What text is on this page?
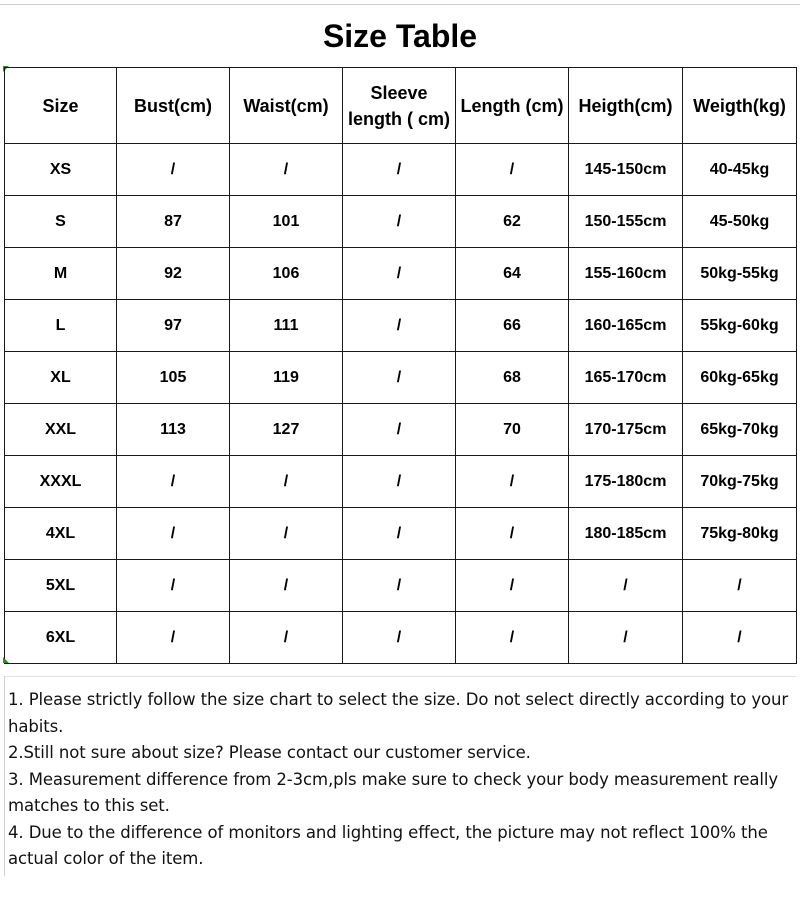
Size Table
Size	Bust(cm)	Waist(cm)	Sleeve length ( cm)	Length (cm)	Heigth(cm)	Weigth(kg)
XS	/	/	/	/	145-150cm	40-45kg
S	87	101	/	62	150-155cm	45-50kg
M	92	106	/	64	155-160cm	50kg-55kg
L	97	111	/	66	160-165cm	55kg-60kg
XL	105	119	/	68	165-170cm	60kg-65kg
XXL	113	127	/	70	170-175cm	65kg-70kg
XXXL	/	/	/	/	175-180cm	70kg-75kg
4XL	/	/	/	/	180-185cm	75kg-80kg
5XL	/	/	/	/	/	/
6XL	/	/	/	/	/	/

1. Please strictly follow the size chart to select the size. Do not select directly according to your habits.

2.Still not sure about size? Please contact our customer service.

3. Measurement difference from 2-3cm,pls make sure to check your body measurement really matches to this set.

4. Due to the difference of monitors and lighting effect, the picture may not reflect 100% the actual color of the item.
